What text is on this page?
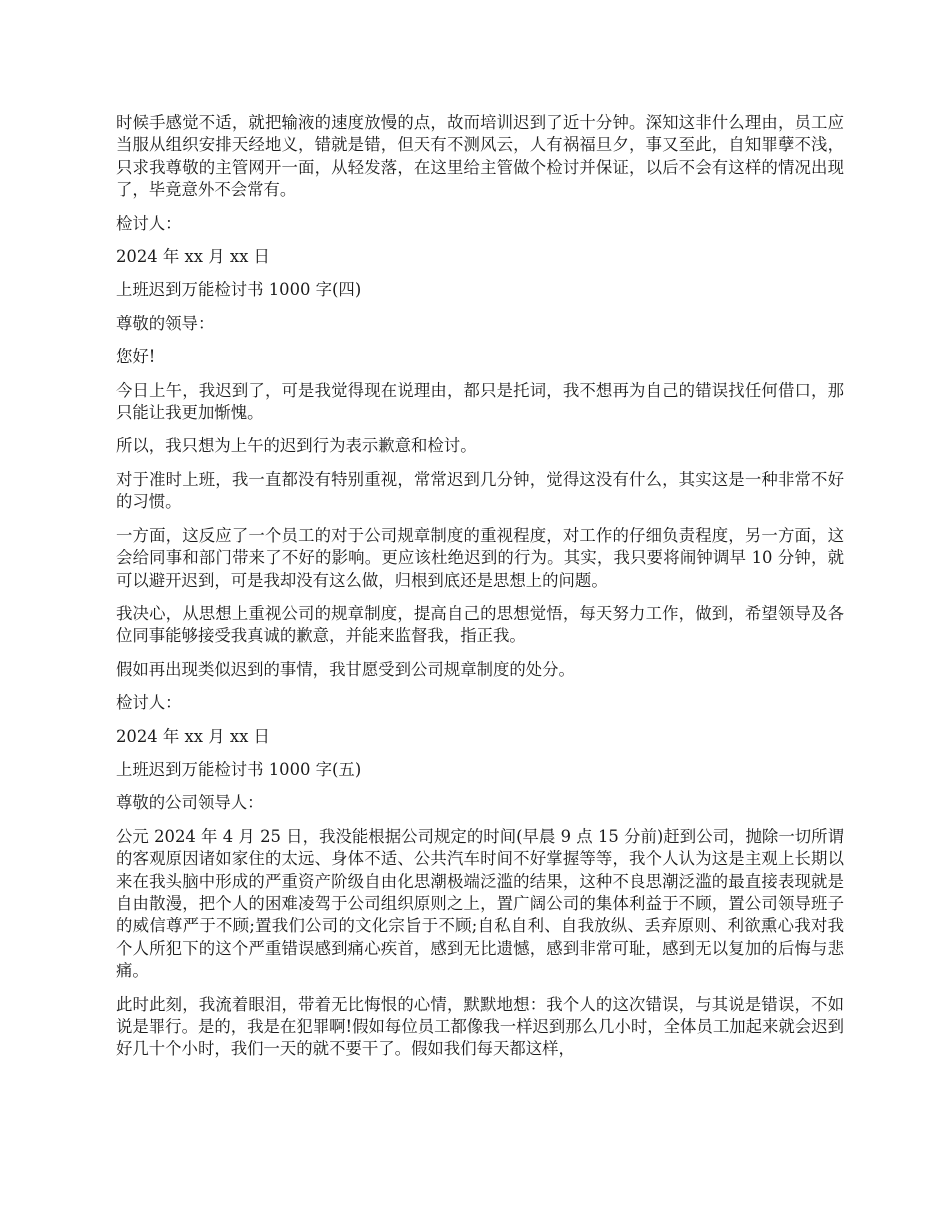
时候手感觉不适，就把输液的速度放慢的点，故而培训迟到了近十分钟。深知这非什么理由，员工应当服从组织安排天经地义，错就是错，但天有不测风云，人有祸福旦夕，事又至此，自知罪孽不浅，只求我尊敬的主管网开一面，从轻发落，在这里给主管做个检讨并保证，以后不会有这样的情况出现了，毕竟意外不会常有。

检讨人：

2024 年 xx 月 xx 日

上班迟到万能检讨书 1000 字(四)

尊敬的领导：

您好!

今日上午，我迟到了，可是我觉得现在说理由，都只是托词，我不想再为自己的错误找任何借口，那只能让我更加惭愧。

所以，我只想为上午的迟到行为表示歉意和检讨。

对于准时上班，我一直都没有特别重视，常常迟到几分钟，觉得这没有什么，其实这是一种非常不好的习惯。

一方面，这反应了一个员工的对于公司规章制度的重视程度，对工作的仔细负责程度，另一方面，这会给同事和部门带来了不好的影响。更应该杜绝迟到的行为。其实，我只要将闹钟调早 10 分钟，就可以避开迟到，可是我却没有这么做，归根到底还是思想上的问题。

我决心，从思想上重视公司的规章制度，提高自己的思想觉悟，每天努力工作，做到，希望领导及各位同事能够接受我真诚的歉意，并能来监督我，指正我。

假如再出现类似迟到的事情，我甘愿受到公司规章制度的处分。

检讨人：

2024 年 xx 月 xx 日

上班迟到万能检讨书 1000 字(五)

尊敬的公司领导人：

公元 2024 年 4 月 25 日，我没能根据公司规定的时间(早晨 9 点 15 分前)赶到公司，抛除一切所谓的客观原因诸如家住的太远、身体不适、公共汽车时间不好掌握等等，我个人认为这是主观上长期以来在我头脑中形成的严重资产阶级自由化思潮极端泛滥的结果，这种不良思潮泛滥的最直接表现就是自由散漫，把个人的困难凌驾于公司组织原则之上，置广阔公司的集体利益于不顾，置公司领导班子的威信尊严于不顾;置我们公司的文化宗旨于不顾;自私自利、自我放纵、丢弃原则、利欲熏心我对我个人所犯下的这个严重错误感到痛心疾首，感到无比遗憾，感到非常可耻，感到无以复加的后悔与悲痛。

此时此刻，我流着眼泪，带着无比悔恨的心情，默默地想：我个人的这次错误，与其说是错误，不如说是罪行。是的，我是在犯罪啊!假如每位员工都像我一样迟到那么几小时，全体员工加起来就会迟到好几十个小时，我们一天的就不要干了。假如我们每天都这样，
